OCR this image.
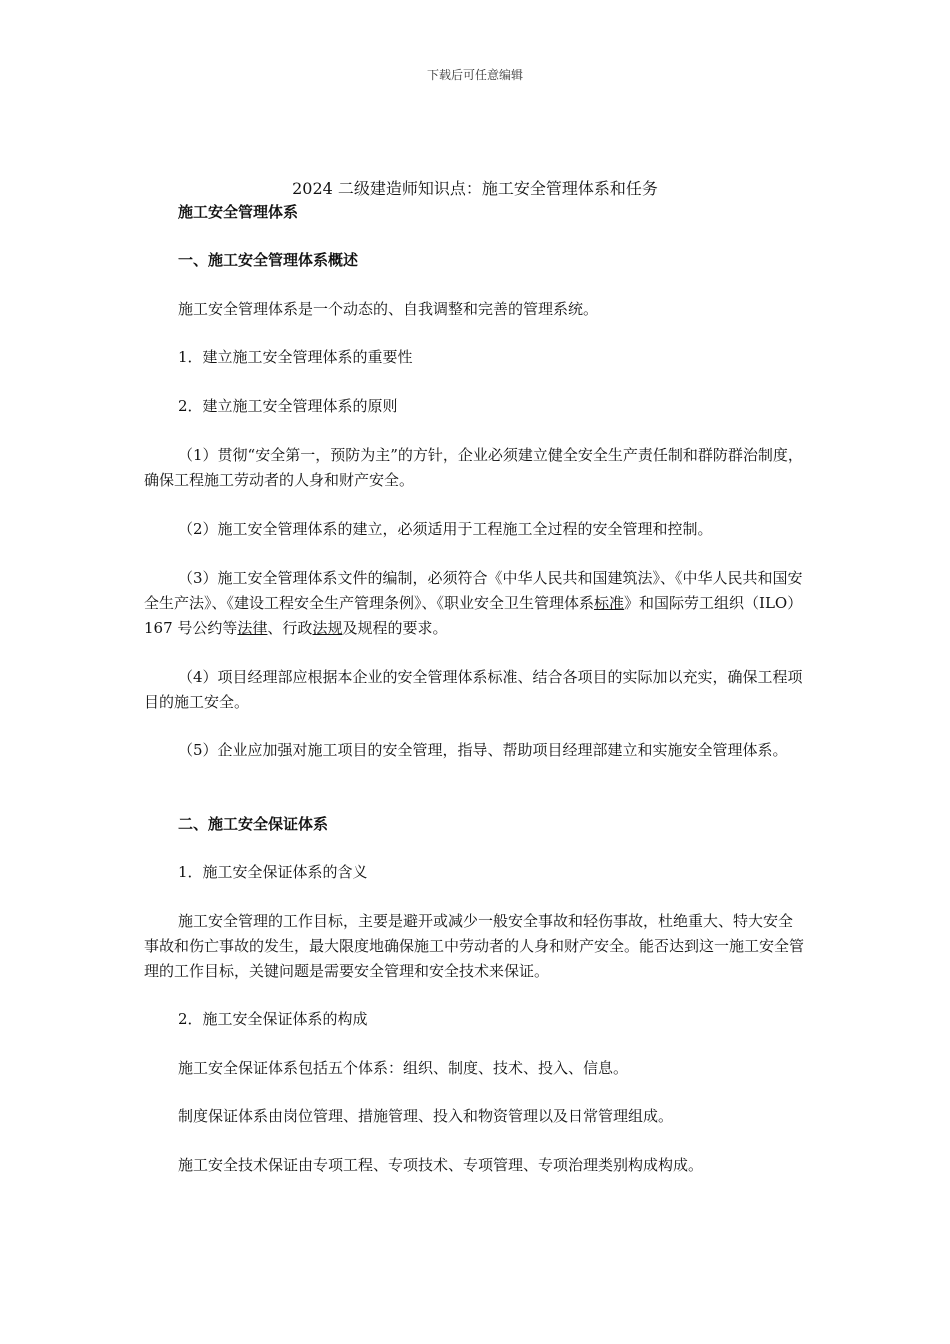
下载后可任意编辑
2024 二级建造师知识点：施工安全管理体系和任务
施工安全管理体系
一、施工安全管理体系概述
施工安全管理体系是一个动态的、自我调整和完善的管理系统。
1．建立施工安全管理体系的重要性
2．建立施工安全管理体系的原则
（1）贯彻“安全第一，预防为主”的方针，企业必须建立健全安全生产责任制和群防群治制度，确保工程施工劳动者的人身和财产安全。
（2）施工安全管理体系的建立，必须适用于工程施工全过程的安全管理和控制。
（3）施工安全管理体系文件的编制，必须符合《中华人民共和国建筑法》、《中华人民共和国安全生产法》、《建设工程安全生产管理条例》、《职业安全卫生管理体系标准》和国际劳工组织（ILO）167 号公约等法律、行政法规及规程的要求。
（4）项目经理部应根据本企业的安全管理体系标准、结合各项目的实际加以充实，确保工程项目的施工安全。
（5）企业应加强对施工项目的安全管理，指导、帮助项目经理部建立和实施安全管理体系。
二、施工安全保证体系
1．施工安全保证体系的含义
施工安全管理的工作目标，主要是避开或减少一般安全事故和轻伤事故，杜绝重大、特大安全事故和伤亡事故的发生，最大限度地确保施工中劳动者的人身和财产安全。能否达到这一施工安全管理的工作目标，关键问题是需要安全管理和安全技术来保证。
2．施工安全保证体系的构成
施工安全保证体系包括五个体系：组织、制度、技术、投入、信息。
制度保证体系由岗位管理、措施管理、投入和物资管理以及日常管理组成。
施工安全技术保证由专项工程、专项技术、专项管理、专项治理类别构成构成。
